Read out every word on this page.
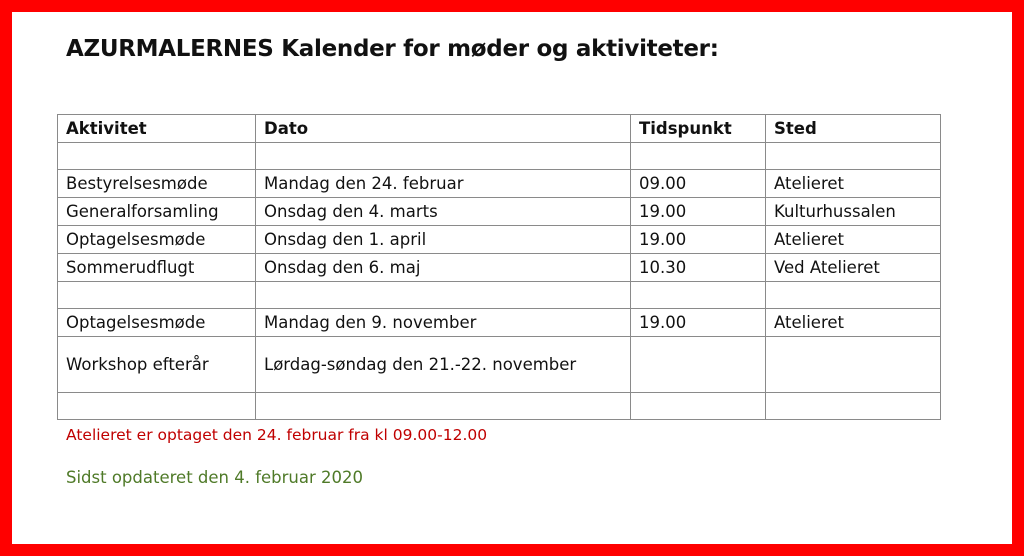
AZURMALERNES Kalender for møder og aktiviteter:
Aktivitet	Dato	Tidspunkt	Sted

Bestyrelsesmøde	Mandag den 24. februar	09.00	Atelieret
Generalforsamling	Onsdag den 4. marts	19.00	Kulturhussalen
Optagelsesmøde	Onsdag den 1. april	19.00	Atelieret
Sommerudflugt	Onsdag den 6. maj	10.30	Ved Atelieret

Optagelsesmøde	Mandag den 9. november	19.00	Atelieret
Workshop efterår	Lørdag-søndag den 21.-22. november		

Atelieret er optaget den 24. februar fra kl 09.00-12.00
Sidst opdateret den 4. februar 2020
